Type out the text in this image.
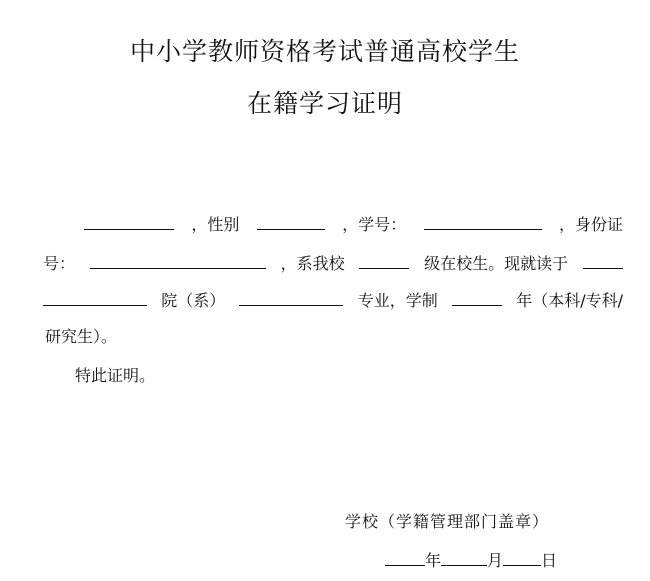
中小学教师资格考试普通高校学生
在籍学习证明
，性别	，学号：	，身份证
号：	，系我校	级在校生。现就读于
院（系）	专业，学制	年（本科/专科/
研究生）。
特此证明。
学校（学籍管理部门盖章）
年	月 日
